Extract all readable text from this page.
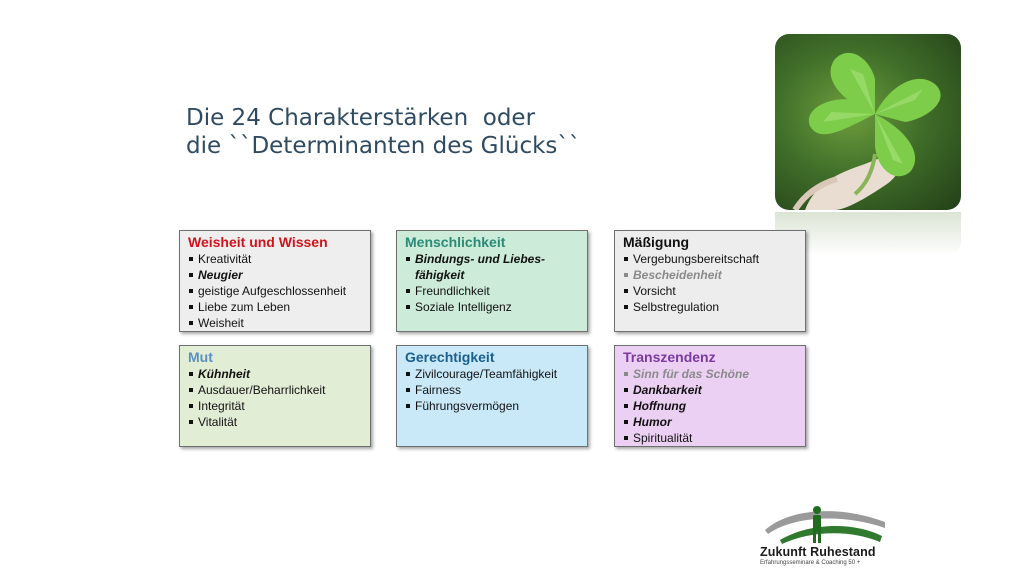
Die 24 Charakterstärken  oder
die ``Determinanten des Glücks``
Weisheit und Wissen
Kreativität
Neugier
geistige Aufgeschlossenheit
Liebe zum Leben
Weisheit
Menschlichkeit
Bindungs- und Liebes-
fähigkeit
Freundlichkeit
Soziale Intelligenz
Mäßigung
Vergebungsbereitschaft
Bescheidenheit
Vorsicht
Selbstregulation
Mut
Kühnheit
Ausdauer/Beharrlichkeit
Integrität
Vitalität
Gerechtigkeit
Zivilcourage/Teamfähigkeit
Fairness
Führungsvermögen
Transzendenz
Sinn für das Schöne
Dankbarkeit
Hoffnung
Humor
Spiritualität
Zukunft Ruhestand
Erfahrungsseminare & Coaching 50 +
